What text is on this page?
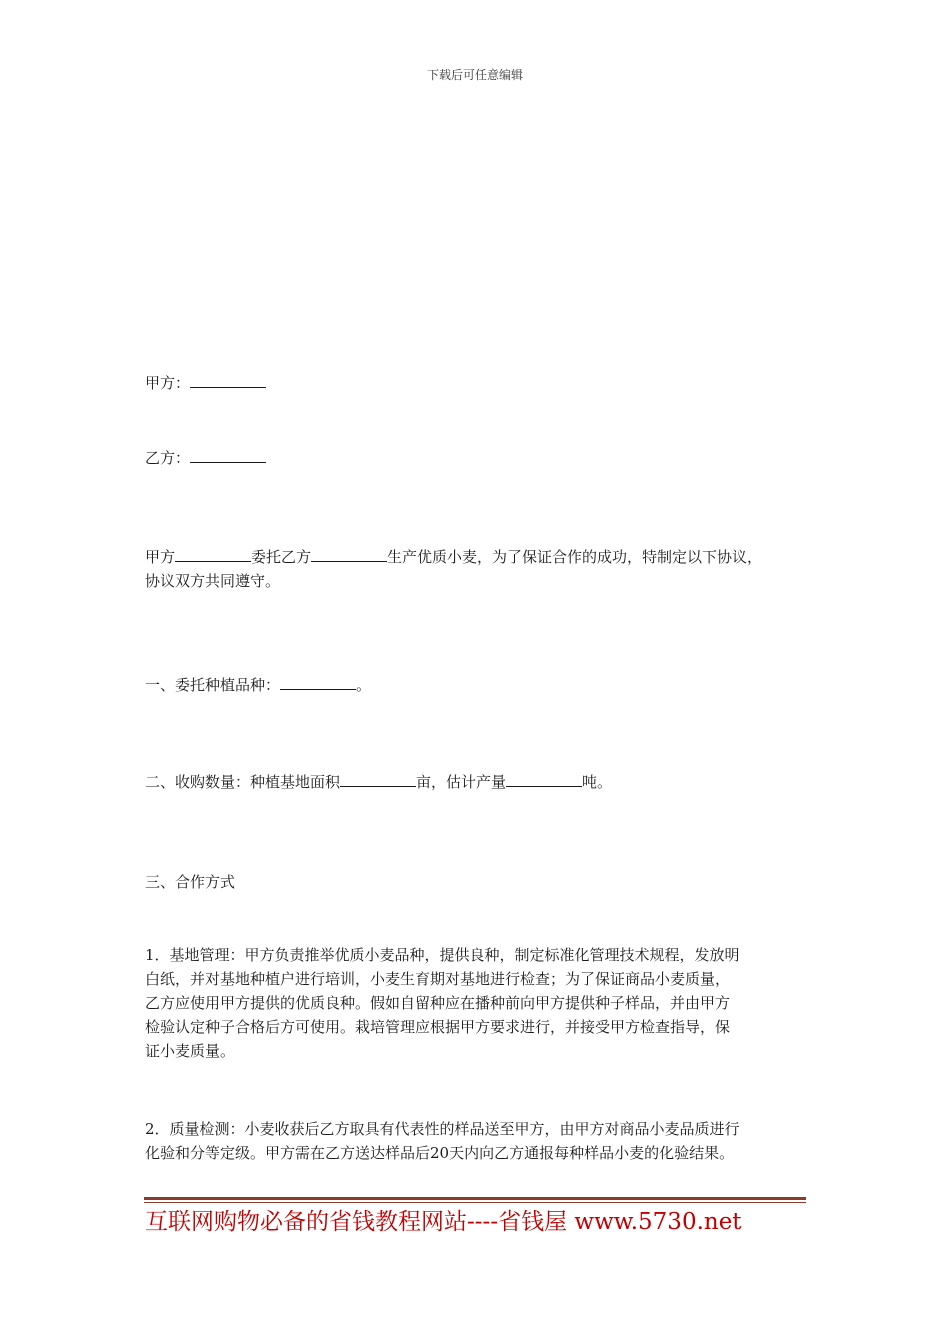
下载后可任意编辑
甲方：
乙方：

甲方	委托乙方	生产优质小麦，为了保证合作的成功，特制定以下协议，

协议双方共同遵守。

一、委托种植品种：	。
二、收购数量：种植基地面积	亩，估计产量	吨。
三、合作方式

1．基地管理：甲方负责推举优质小麦品种，提供良种，制定标准化管理技术规程，发放明

白纸，并对基地种植户进行培训，小麦生育期对基地进行检查；为了保证商品小麦质量，

乙方应使用甲方提供的优质良种。假如自留种应在播种前向甲方提供种子样品，并由甲方

检验认定种子合格后方可使用。栽培管理应根据甲方要求进行，并接受甲方检查指导，保

证小麦质量。

2．质量检测：小麦收获后乙方取具有代表性的样品送至甲方，由甲方对商品小麦品质进行

化验和分等定级。甲方需在乙方送达样品后20天内向乙方通报每种样品小麦的化验结果。

互联网购物必备的省钱教程网站----省钱屋 www.5730.net
